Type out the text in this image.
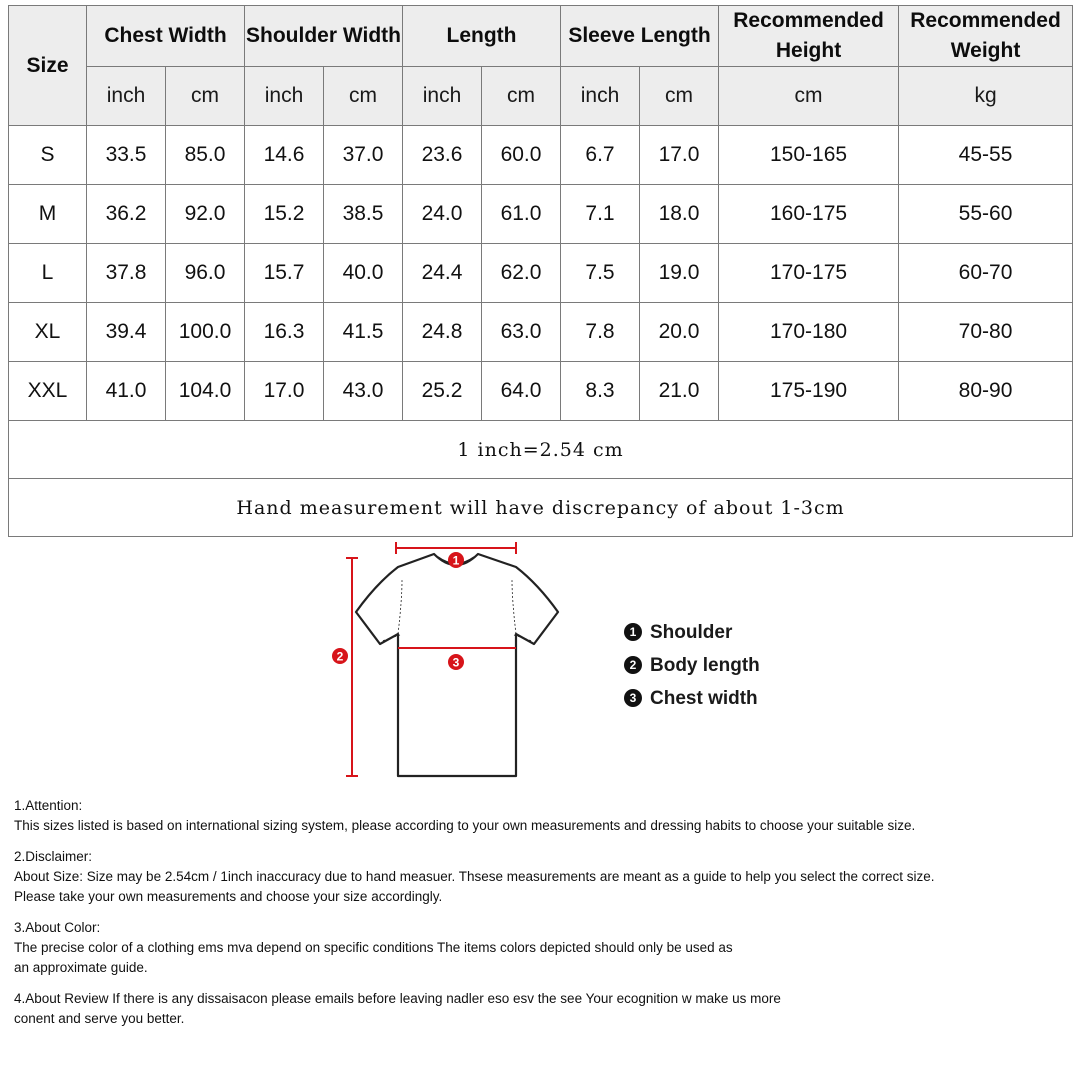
Size	Chest Width		Shoulder Width		Length		Sleeve Length		Recommended Height	Recommended Weight
	inch	cm	inch	cm	inch	cm	inch	cm	cm	kg
S	33.5	85.0	14.6	37.0	23.6	60.0	6.7	17.0	150-165	45-55
M	36.2	92.0	15.2	38.5	24.0	61.0	7.1	18.0	160-175	55-60
L	37.8	96.0	15.7	40.0	24.4	62.0	7.5	19.0	170-175	60-70
XL	39.4	100.0	16.3	41.5	24.8	63.0	7.8	20.0	170-180	70-80
XXL	41.0	104.0	17.0	43.0	25.2	64.0	8.3	21.0	175-190	80-90
1 inch=2.54 cm										
Hand measurement will have discrepancy of about 1-3cm										
1
2	3
1 Shoulder
2 Body length
3 Chest width
1.Attention:
This sizes listed is based on international sizing system, please according to your own measurements and dressing habits to choose your suitable size.
2.Disclaimer:
About Size: Size may be 2.54cm / 1inch inaccuracy due to hand measuer. Thsese measurements are meant as a guide to help you select the correct size.
Please take your own measurements and choose your size accordingly.
3.About Color:
The precise color of a clothing ems mva depend on specific conditions The items colors depicted should only be used as
an approximate guide.
4.About Review If there is any dissaisacon please emails before leaving nadler eso esv the see Your ecognition w make us more
conent and serve you better.
